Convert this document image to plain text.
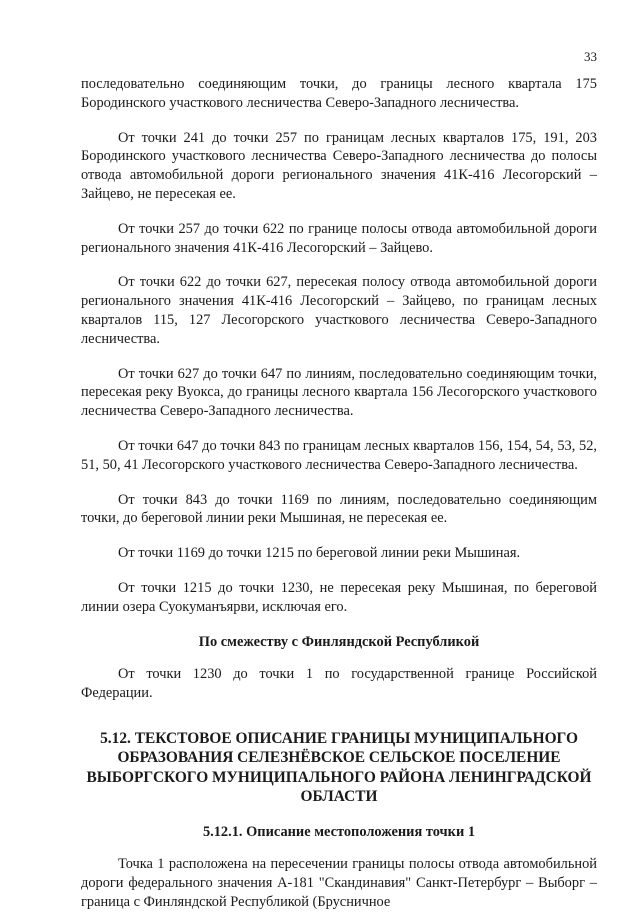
33

последовательно соединяющим точки, до границы лесного квартала 175 Бородинского участкового лесничества Северо-Западного лесничества.

От точки 241 до точки 257 по границам лесных кварталов 175, 191, 203 Бородинского участкового лесничества Северо-Западного лесничества до полосы отвода автомобильной дороги регионального значения 41К-416 Лесогорский – Зайцево, не пересекая ее.

От точки 257 до точки 622 по границе полосы отвода автомобильной дороги регионального значения 41К-416 Лесогорский – Зайцево.

От точки 622 до точки 627, пересекая полосу отвода автомобильной дороги регионального значения 41К-416 Лесогорский – Зайцево, по границам лесных кварталов 115, 127 Лесогорского участкового лесничества Северо-Западного лесничества.

От точки 627 до точки 647 по линиям, последовательно соединяющим точки, пересекая реку Вуокса, до границы лесного квартала 156 Лесогорского участкового лесничества Северо-Западного лесничества.

От точки 647 до точки 843 по границам лесных кварталов 156, 154, 54, 53, 52, 51, 50, 41 Лесогорского участкового лесничества Северо-Западного лесничества.

От точки 843 до точки 1169 по линиям, последовательно соединяющим точки, до береговой линии реки Мышиная, не пересекая ее.

От точки 1169 до точки 1215 по береговой линии реки Мышиная.

От точки 1215 до точки 1230, не пересекая реку Мышиная, по береговой линии озера Суокуманъярви, исключая его.

По смежеству с Финляндской Республикой

От точки 1230 до точки 1 по государственной границе Российской Федерации.

5.12. ТЕКСТОВОЕ ОПИСАНИЕ ГРАНИЦЫ МУНИЦИПАЛЬНОГО ОБРАЗОВАНИЯ СЕЛЕЗНЁВСКОЕ СЕЛЬСКОЕ ПОСЕЛЕНИЕ ВЫБОРГСКОГО МУНИЦИПАЛЬНОГО РАЙОНА ЛЕНИНГРАДСКОЙ ОБЛАСТИ
5.12.1. Описание местоположения точки 1

Точка 1 расположена на пересечении границы полосы отвода автомобильной дороги федерального значения А-181 "Скандинавия" Санкт-Петербург – Выборг – граница с Финляндской Республикой (Брусничное
